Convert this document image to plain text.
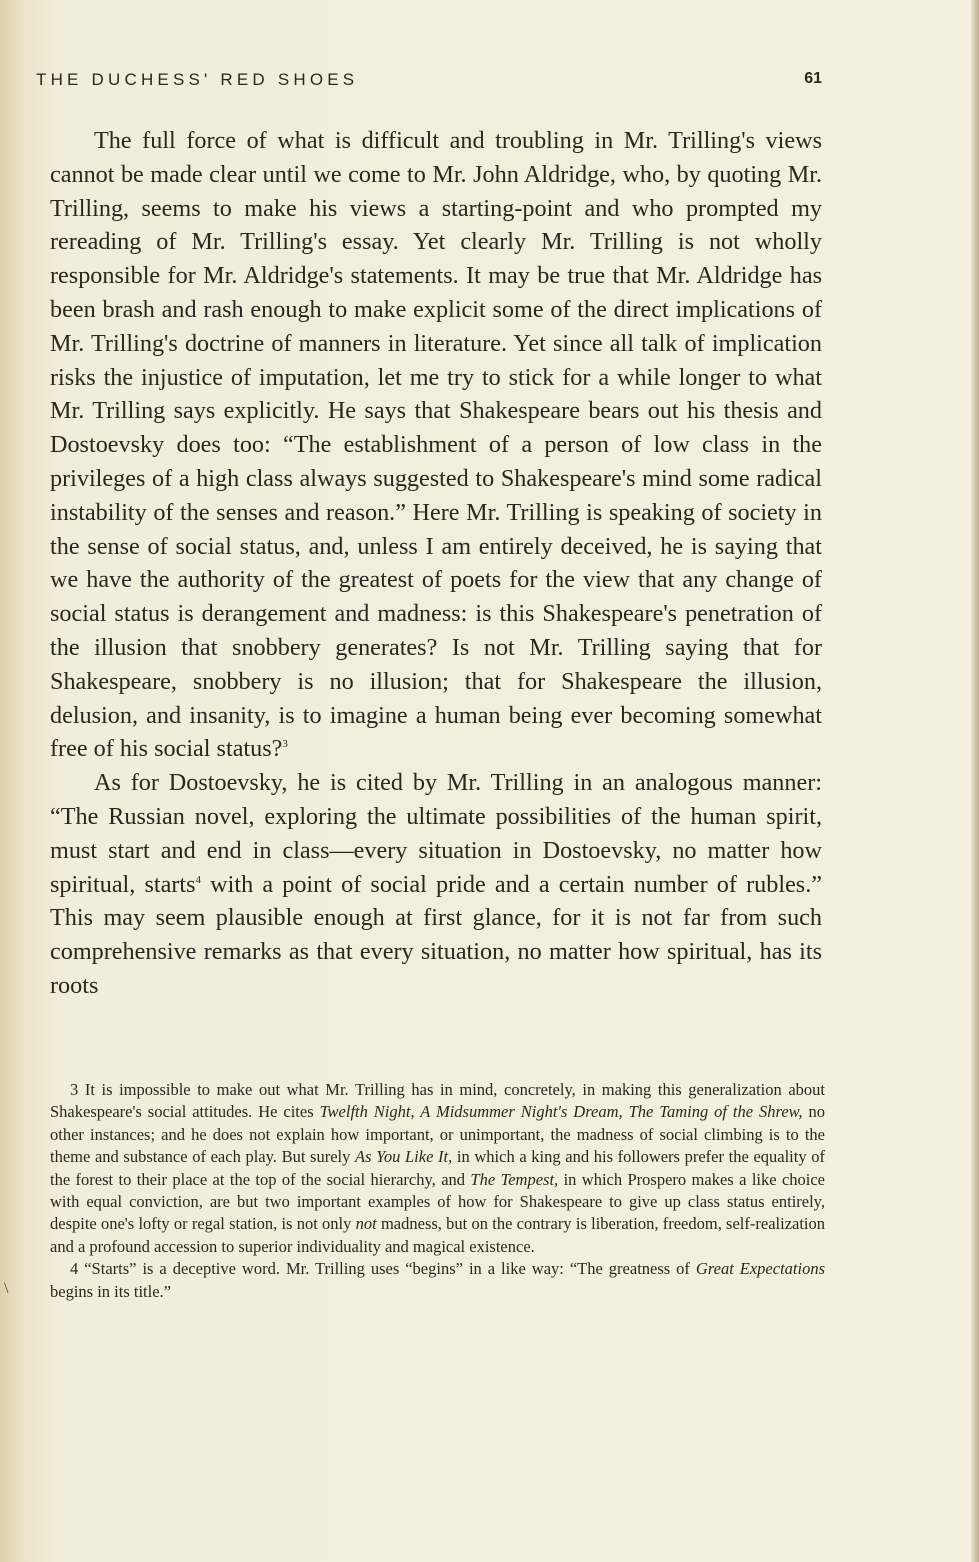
THE DUCHESS' RED SHOES	61

The full force of what is difficult and troubling in Mr. Trilling's views cannot be made clear until we come to Mr. John Aldridge, who, by quoting Mr. Trilling, seems to make his views a starting-point and who prompted my rereading of Mr. Trilling's essay. Yet clearly Mr. Trilling is not wholly responsible for Mr. Aldridge's statements. It may be true that Mr. Aldridge has been brash and rash enough to make explicit some of the direct implications of Mr. Trilling's doctrine of manners in literature. Yet since all talk of implication risks the injustice of imputation, let me try to stick for a while longer to what Mr. Trilling says explicitly. He says that Shakespeare bears out his thesis and Dostoevsky does too: “The establishment of a person of low class in the privileges of a high class always suggested to Shakespeare's mind some radical instability of the senses and reason.” Here Mr. Trilling is speaking of society in the sense of social status, and, unless I am entirely deceived, he is saying that we have the authority of the greatest of poets for the view that any change of social status is derangement and madness: is this Shakespeare's penetration of the illusion that snobbery generates? Is not Mr. Trilling saying that for Shakespeare, snobbery is no illusion; that for Shakespeare the illusion, delusion, and insanity, is to imagine a human being ever becoming somewhat free of his social status?$^3$

As for Dostoevsky, he is cited by Mr. Trilling in an analogous manner: “The Russian novel, exploring the ultimate possibilities of the human spirit, must start and end in class—every situation in Dostoevsky, no matter how spiritual, starts$^4$ with a point of social pride and a certain number of rubles.” This may seem plausible enough at first glance, for it is not far from such comprehensive remarks as that every situation, no matter how spiritual, has its roots

3 It is impossible to make out what Mr. Trilling has in mind, concretely, in making this generalization about Shakespeare's social attitudes. He cites Twelfth Night, A Midsummer Night's Dream, The Taming of the Shrew, no other instances; and he does not explain how important, or unimportant, the madness of social climbing is to the theme and substance of each play. But surely As You Like It, in which a king and his followers prefer the equality of the forest to their place at the top of the social hierarchy, and The Tempest, in which Prospero makes a like choice with equal conviction, are but two important examples of how for Shakespeare to give up class status entirely, despite one's lofty or regal station, is not only not madness, but on the contrary is liberation, freedom, self-realization and a profound accession to superior individuality and magical existence.

4 “Starts” is a deceptive word. Mr. Trilling uses “begins” in a like way: “The greatness of Great Expectations begins in its title.”

\
